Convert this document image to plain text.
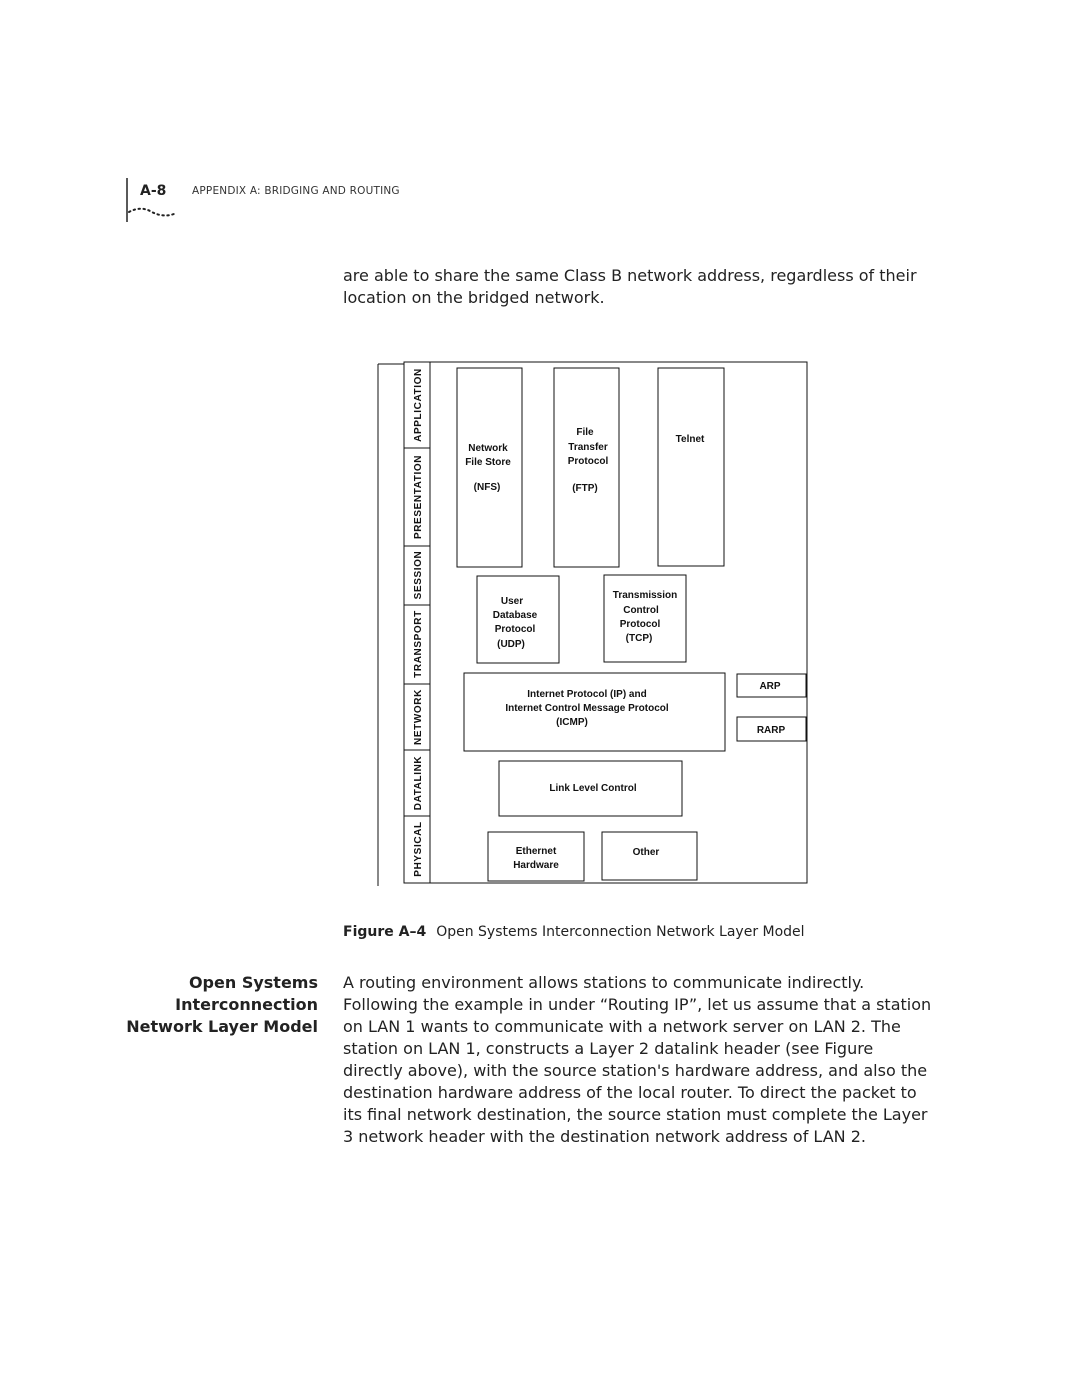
A-8 APPENDIX A: BRIDGING AND ROUTING

are able to share the same Class B network address, regardless of their location on the bridged network.

APPLICATION
PRESENTATION
SESSION
TRANSPORT
NETWORK
DATALINK
PHYSICAL
Network
File Store
(NFS)
File
Transfer
Protocol
(FTP)
Telnet
User
Database
Protocol
(UDP)
Transmission
Control
Protocol
(TCP)
Internet Protocol (IP) and
Internet Control Message Protocol
(ICMP)
ARP
RARP
Link Level Control
Ethernet
Hardware
Other
Figure A–4 Open Systems Interconnection Network Layer Model
Open Systems
Interconnection
Network Layer Model

A routing environment allows stations to communicate indirectly. Following the example in under “Routing IP”, let us assume that a station on LAN 1 wants to communicate with a network server on LAN 2. The station on LAN 1, constructs a Layer 2 datalink header (see Figure directly above), with the source station's hardware address, and also the destination hardware address of the local router. To direct the packet to its final network destination, the source station must complete the Layer 3 network header with the destination network address of LAN 2.
